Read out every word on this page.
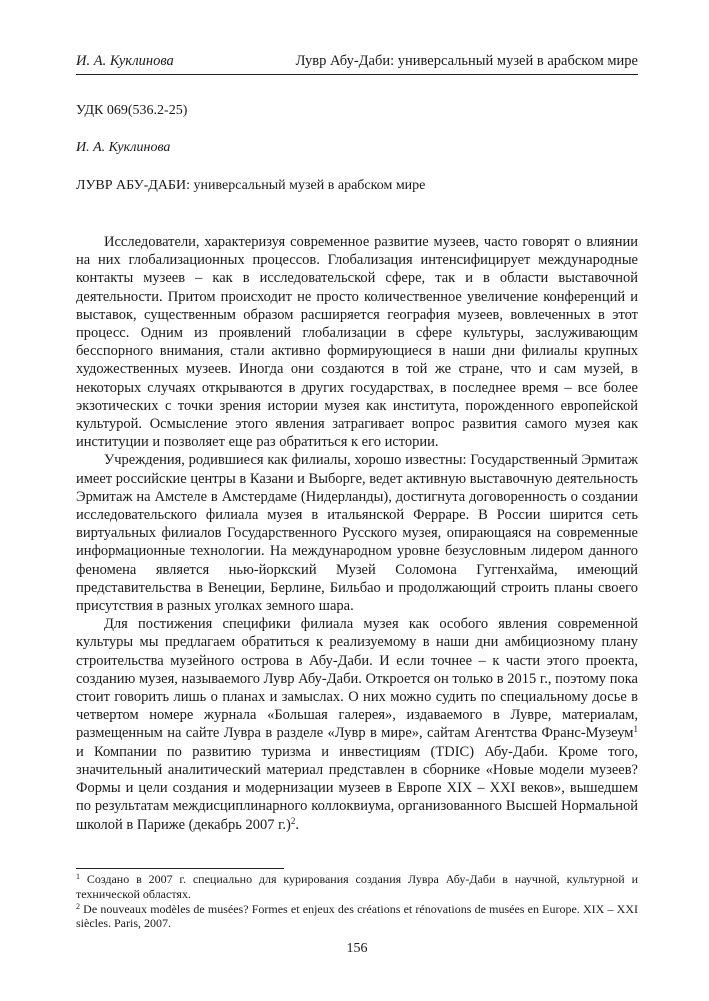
И. А. Куклинова	Лувр Абу-Даби: универсальный музей в арабском мире
УДК 069(536.2-25)
И. А. Куклинова
ЛУВР АБУ-ДАБИ: универсальный музей в арабском мире

Исследователи, характеризуя современное развитие музеев, часто говорят о влиянии на них глобализационных процессов. Глобализация интенсифицирует международные контакты музеев – как в исследовательской сфере, так и в области выставочной деятельности. Притом происходит не просто количественное увеличение конференций и выставок, существенным образом расширяется география музеев, вовлеченных в этот процесс. Одним из проявлений глобализации в сфере культуры, заслуживающим бесспорного внимания, стали активно формирующиеся в наши дни филиалы крупных художественных музеев. Иногда они создаются в той же стране, что и сам музей, в некоторых случаях открываются в других государствах, в последнее время – все более экзотических с точки зрения истории музея как института, порожденного европейской культурой. Осмысление этого явления затрагивает вопрос развития самого музея как институции и позволяет еще раз обратиться к его истории.

Учреждения, родившиеся как филиалы, хорошо известны: Государственный Эрмитаж имеет российские центры в Казани и Выборге, ведет активную выставочную деятельность Эрмитаж на Амстеле в Амстердаме (Нидерланды), достигнута договоренность о создании исследовательского филиала музея в итальянской Ферраре. В России ширится сеть виртуальных филиалов Государственного Русского музея, опирающаяся на современные информационные технологии. На международном уровне безусловным лидером данного феномена является нью-йоркский Музей Соломона Гуггенхайма, имеющий представительства в Венеции, Берлине, Бильбао и продолжающий строить планы своего присутствия в разных уголках земного шара.

Для постижения специфики филиала музея как особого явления современной культуры мы предлагаем обратиться к реализуемому в наши дни амбициозному плану строительства музейного острова в Абу-Даби. И если точнее – к части этого проекта, созданию музея, называемого Лувр Абу-Даби. Откроется он только в 2015 г., поэтому пока стоит говорить лишь о планах и замыслах. О них можно судить по специальному досье в четвертом номере журнала «Большая галерея», издаваемого в Лувре, материалам, размещенным на сайте Лувра в разделе «Лувр в мире», сайтам Агентства Франс-Музеум$^1$ и Компании по развитию туризма и инвестициям (TDIC) Абу-Даби. Кроме того, значительный аналитический материал представлен в сборнике «Новые модели музеев? Формы и цели создания и модернизации музеев в Европе XIX – XXI веков», вышедшем по результатам междисциплинарного коллоквиума, организованного Высшей Нормальной школой в Париже (декабрь 2007 г.)$^2$.

$^1$ Создано в 2007 г. специально для курирования создания Лувра Абу-Даби в научной, культурной и технической областях.

$^2$ De nouveaux modèles de musées? Formes et enjeux des créations et rénovations de musées en Europe. XIX – XXI siècles. Paris, 2007.

156
